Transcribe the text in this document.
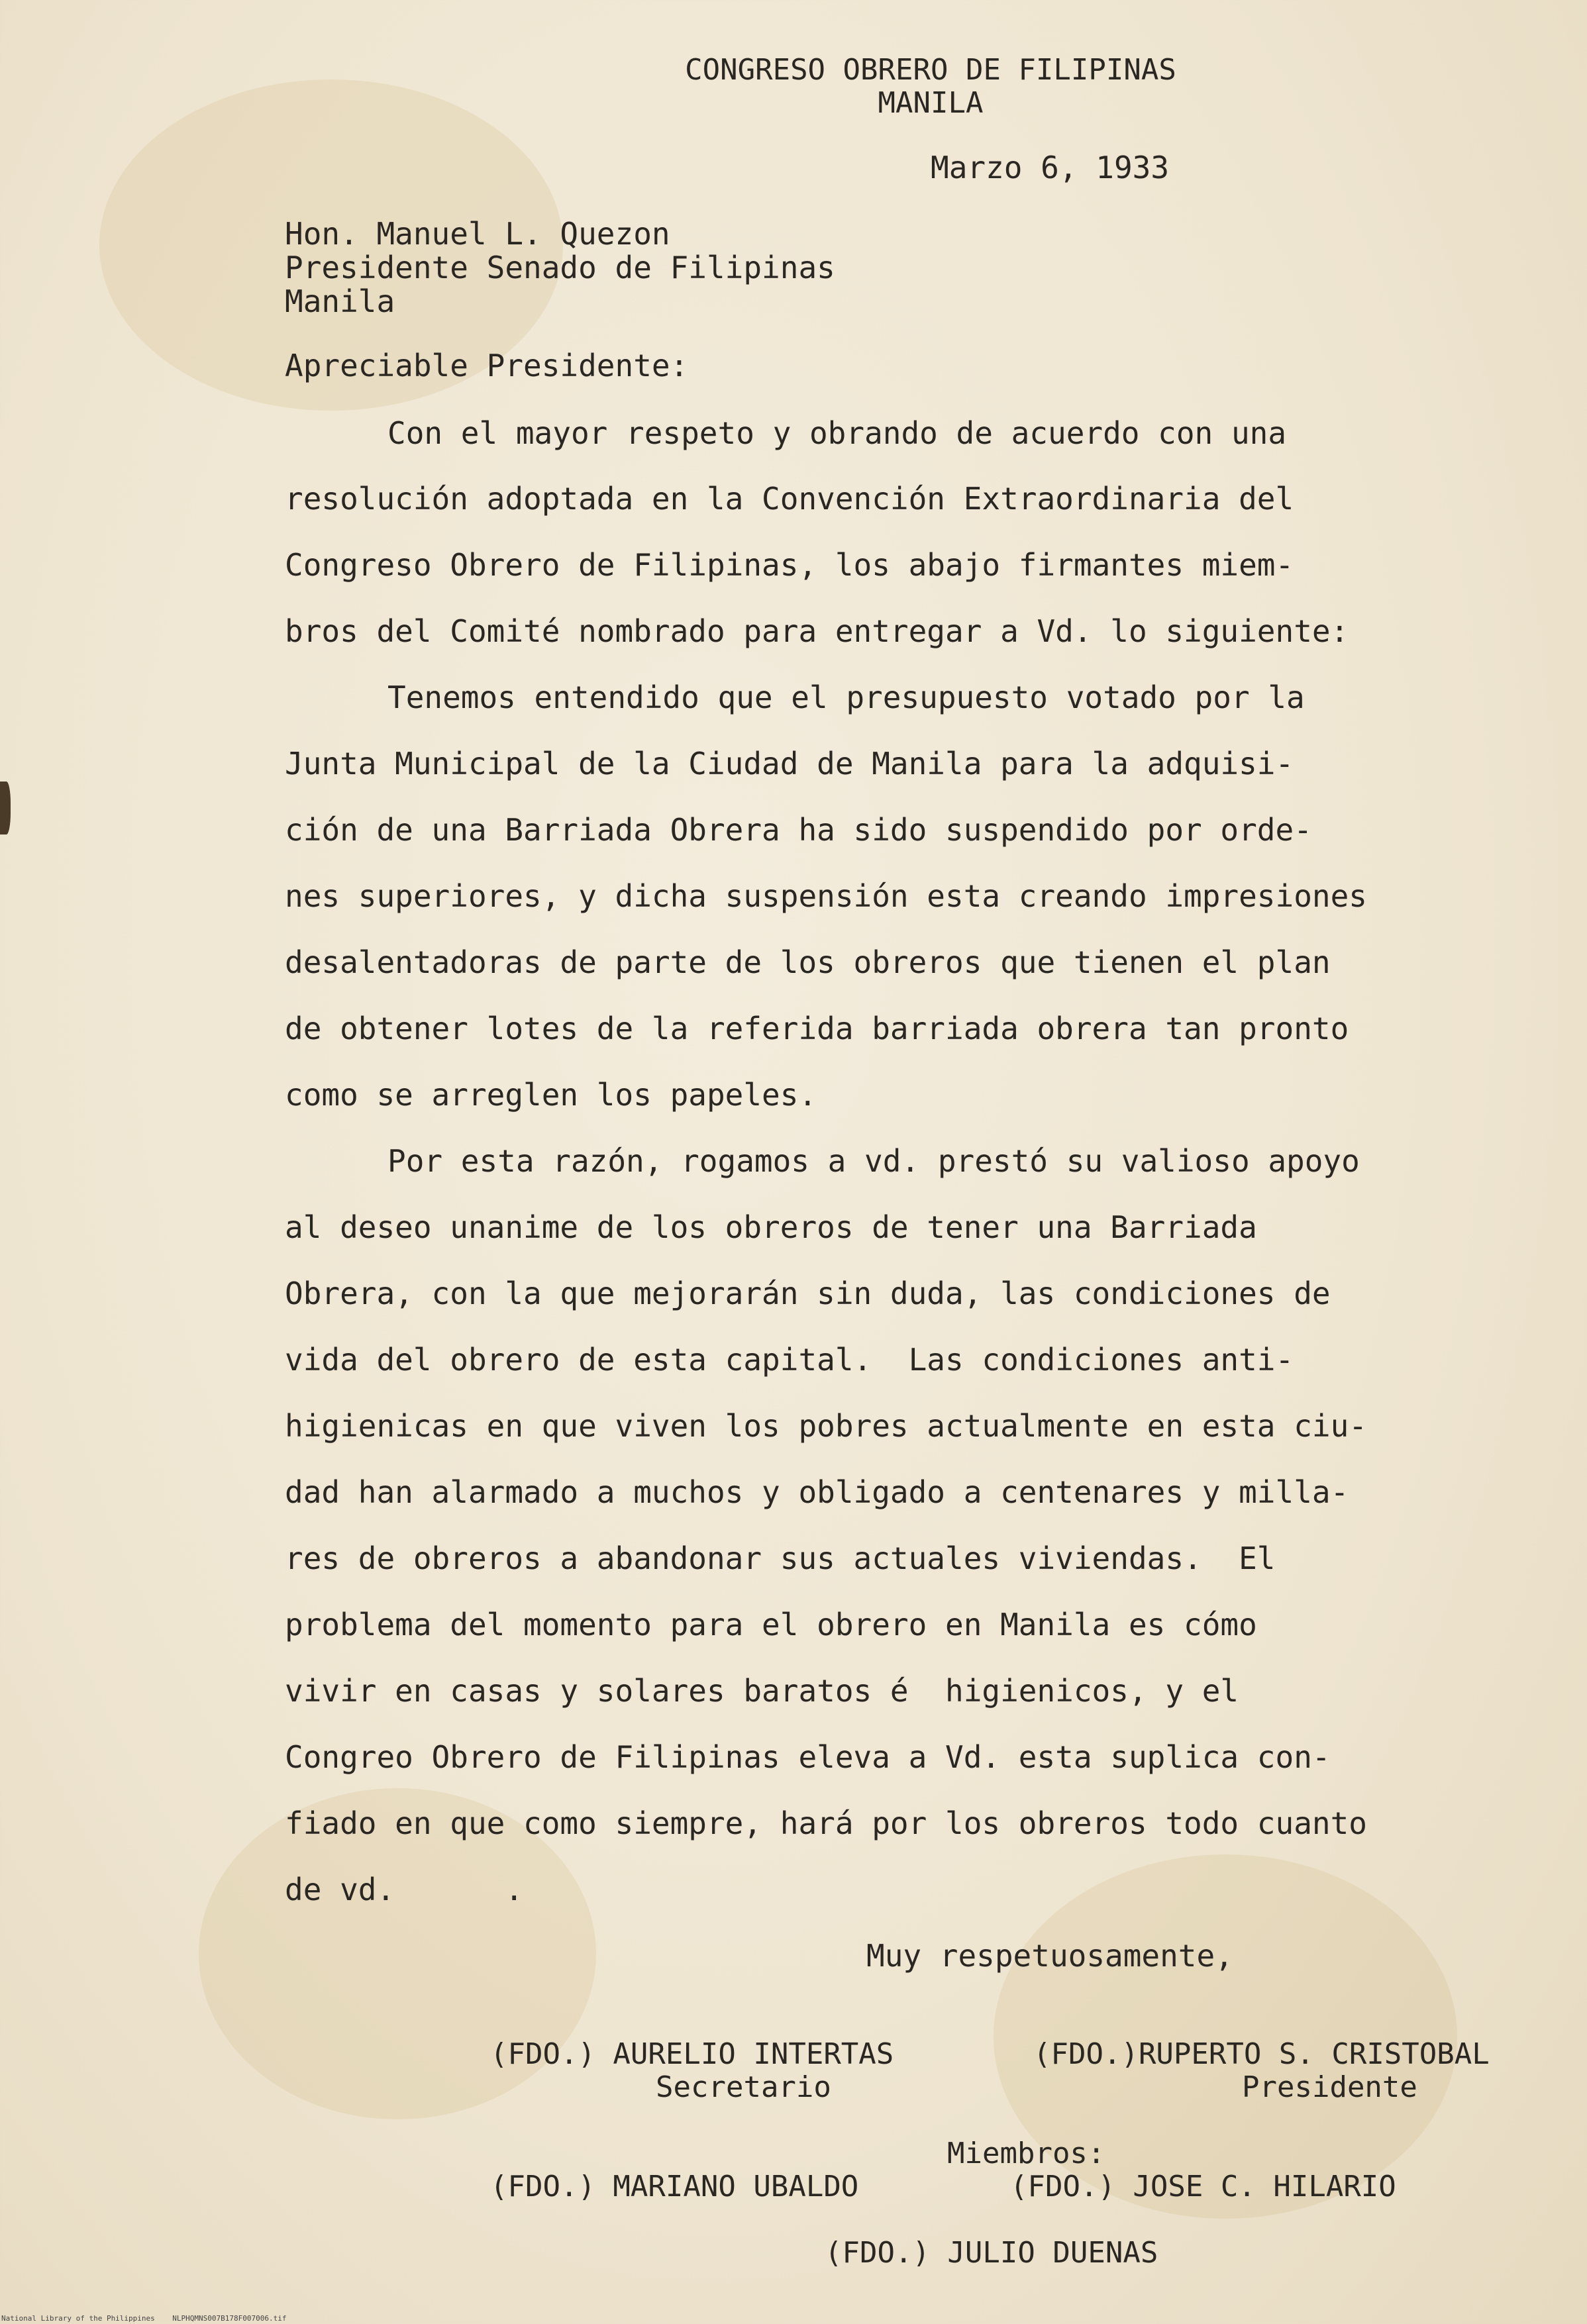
CONGRESO OBRERO DE FILIPINAS
MANILA
Marzo 6, 1933
Hon. Manuel L. Quezon
Presidente Senado de Filipinas
Manila
Apreciable Presidente:
Con el mayor respeto y obrando de acuerdo con una
resolución adoptada en la Convención Extraordinaria del
Congreso Obrero de Filipinas, los abajo firmantes miem-
bros del Comité nombrado para entregar a Vd. lo siguiente:
Tenemos entendido que el presupuesto votado por la
Junta Municipal de la Ciudad de Manila para la adquisi-
ción de una Barriada Obrera ha sido suspendido por orde-
nes superiores, y dicha suspensión esta creando impresiones
desalentadoras de parte de los obreros que tienen el plan
de obtener lotes de la referida barriada obrera tan pronto
como se arreglen los papeles.
Por esta razón, rogamos a vd. prestó su valioso apoyo
al deseo unanime de los obreros de tener una Barriada
Obrera, con la que mejorarán sin duda, las condiciones de
vida del obrero de esta capital.  Las condiciones anti-
higienicas en que viven los pobres actualmente en esta ciu-
dad han alarmado a muchos y obligado a centenares y milla-
res de obreros a abandonar sus actuales viviendas.  El
problema del momento para el obrero en Manila es cómo
vivir en casas y solares baratos é  higienicos, y el
Congreo Obrero de Filipinas eleva a Vd. esta suplica con-
fiado en que como siempre, hará por los obreros todo cuanto
de vd.      .
Muy respetuosamente,
(FDO.) AURELIO INTERTAS
Secretario
(FDO.)RUPERTO S. CRISTOBAL
Presidente
Miembros:
(FDO.) MARIANO UBALDO	(FDO.) JOSE C. HILARIO
(FDO.) JULIO DUENAS
National Library of the Philippines    NLPHQMNS007B178F007006.tif
